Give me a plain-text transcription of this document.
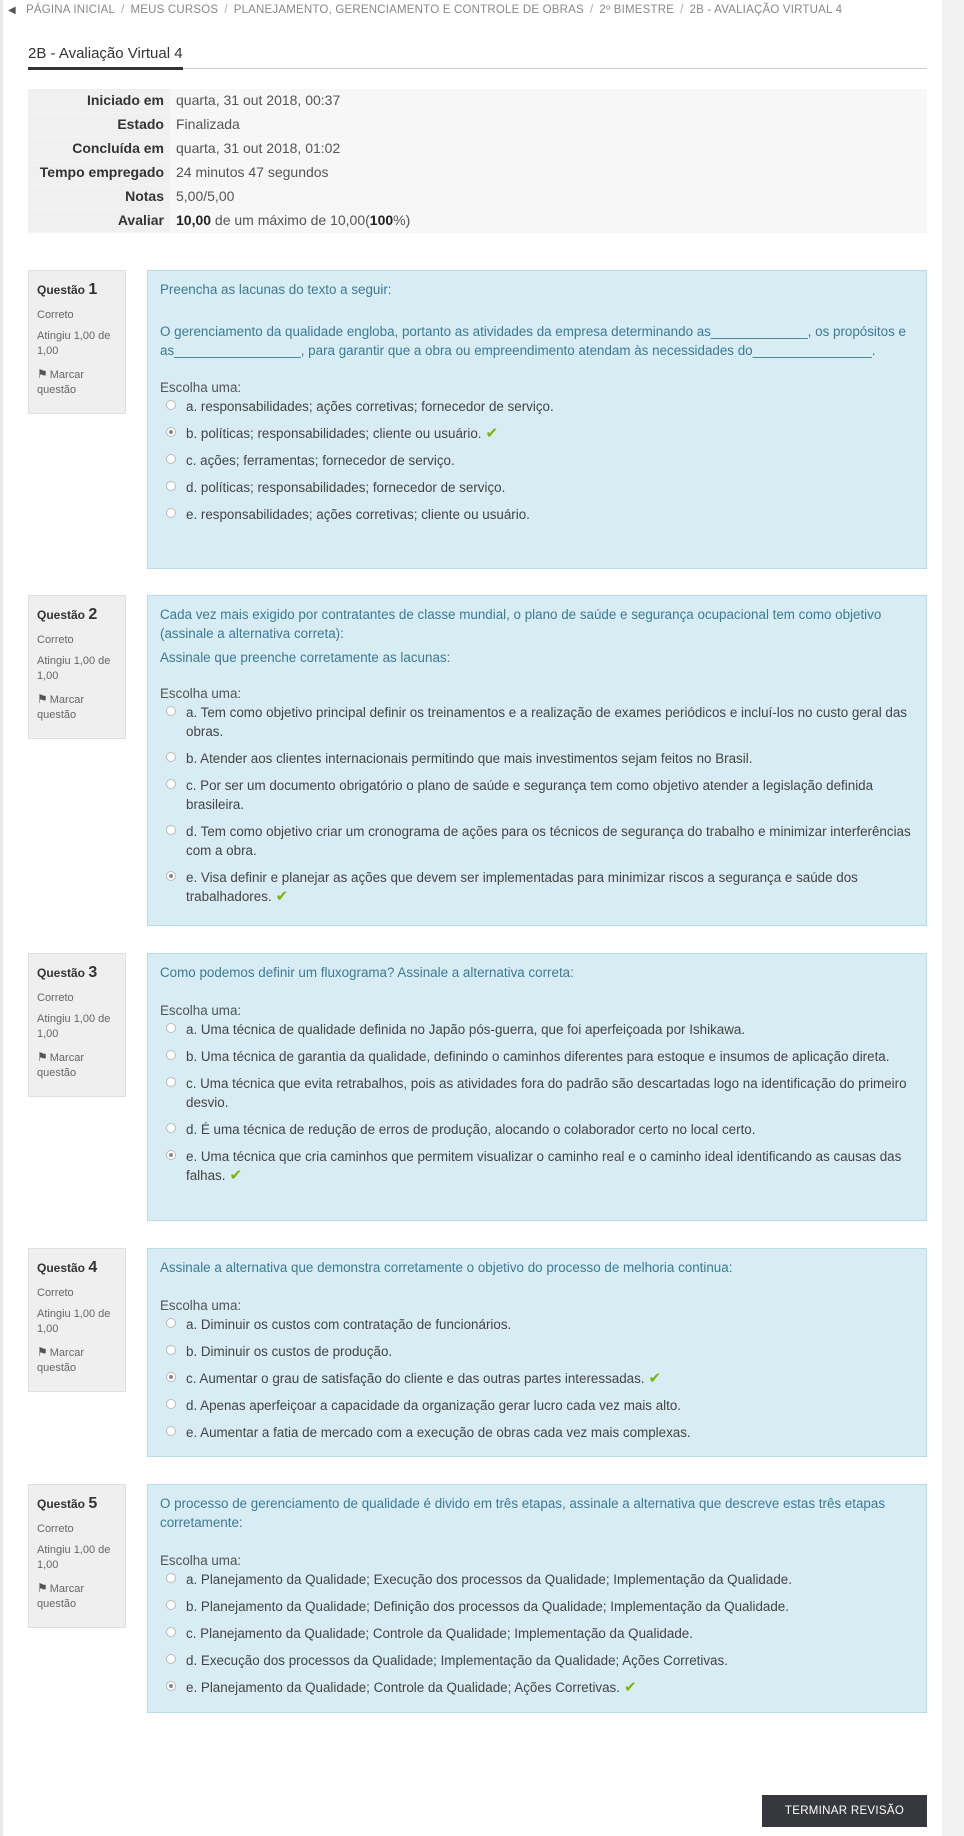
◀ PÁGINA INICIAL / MEUS CURSOS / PLANEJAMENTO, GERENCIAMENTO E CONTROLE DE OBRAS / 2º BIMESTRE / 2B - AVALIAÇÃO VIRTUAL 4
2B - Avaliação Virtual 4
Iniciado em	quarta, 31 out 2018, 00:37
Estado	Finalizada
Concluída em	quarta, 31 out 2018, 01:02
Tempo empregado	24 minutos 47 segundos
Notas	5,00/5,00
Avaliar	10,00 de um máximo de 10,00(100%)
Questão 1
Correto
Atingiu 1,00 de 1,00
⚑ Marcar questão

Preencha as lacunas do texto a seguir:

O gerenciamento da qualidade engloba, portanto as atividades da empresa determinando as_____________, os propósitos e as_________________, para garantir que a obra ou empreendimento atendam às necessidades do________________.

Escolha uma:

a. responsabilidades; ações corretivas; fornecedor de serviço.
b. políticas; responsabilidades; cliente ou usuário. ✔
c. ações; ferramentas; fornecedor de serviço.
d. políticas; responsabilidades; fornecedor de serviço.
e. responsabilidades; ações corretivas; cliente ou usuário.
Questão 2
Correto
Atingiu 1,00 de 1,00
⚑ Marcar questão

Cada vez mais exigido por contratantes de classe mundial, o plano de saúde e segurança ocupacional tem como objetivo (assinale a alternativa correta):

Assinale que preenche corretamente as lacunas:

Escolha uma:

a. Tem como objetivo principal definir os treinamentos e a realização de exames periódicos e incluí-los no custo geral das obras.
b. Atender aos clientes internacionais permitindo que mais investimentos sejam feitos no Brasil.
c. Por ser um documento obrigatório o plano de saúde e segurança tem como objetivo atender a legislação definida brasileira.
d. Tem como objetivo criar um cronograma de ações para os técnicos de segurança do trabalho e minimizar interferências com a obra.
e. Visa definir e planejar as ações que devem ser implementadas para minimizar riscos a segurança e saúde dos trabalhadores. ✔
Questão 3
Correto
Atingiu 1,00 de 1,00
⚑ Marcar questão

Como podemos definir um fluxograma? Assinale a alternativa correta:

Escolha uma:

a. Uma técnica de qualidade definida no Japão pós-guerra, que foi aperfeiçoada por Ishikawa.
b. Uma técnica de garantia da qualidade, definindo o caminhos diferentes para estoque e insumos de aplicação direta.
c. Uma técnica que evita retrabalhos, pois as atividades fora do padrão são descartadas logo na identificação do primeiro desvio.
d. É uma técnica de redução de erros de produção, alocando o colaborador certo no local certo.
e. Uma técnica que cria caminhos que permitem visualizar o caminho real e o caminho ideal identificando as causas das falhas. ✔
Questão 4
Correto
Atingiu 1,00 de 1,00
⚑ Marcar questão

Assinale a alternativa que demonstra corretamente o objetivo do processo de melhoria continua:

Escolha uma:

a. Diminuir os custos com contratação de funcionários.
b. Diminuir os custos de produção.
c. Aumentar o grau de satisfação do cliente e das outras partes interessadas. ✔
d. Apenas aperfeiçoar a capacidade da organização gerar lucro cada vez mais alto.
e. Aumentar a fatia de mercado com a execução de obras cada vez mais complexas.
Questão 5
Correto
Atingiu 1,00 de 1,00
⚑ Marcar questão

O processo de gerenciamento de qualidade é divido em três etapas, assinale a alternativa que descreve estas três etapas corretamente:

Escolha uma:

a. Planejamento da Qualidade; Execução dos processos da Qualidade; Implementação da Qualidade.
b. Planejamento da Qualidade; Definição dos processos da Qualidade; Implementação da Qualidade.
c. Planejamento da Qualidade; Controle da Qualidade; Implementação da Qualidade.
d. Execução dos processos da Qualidade; Implementação da Qualidade; Ações Corretivas.
e. Planejamento da Qualidade; Controle da Qualidade; Ações Corretivas. ✔
TERMINAR REVISÃO
